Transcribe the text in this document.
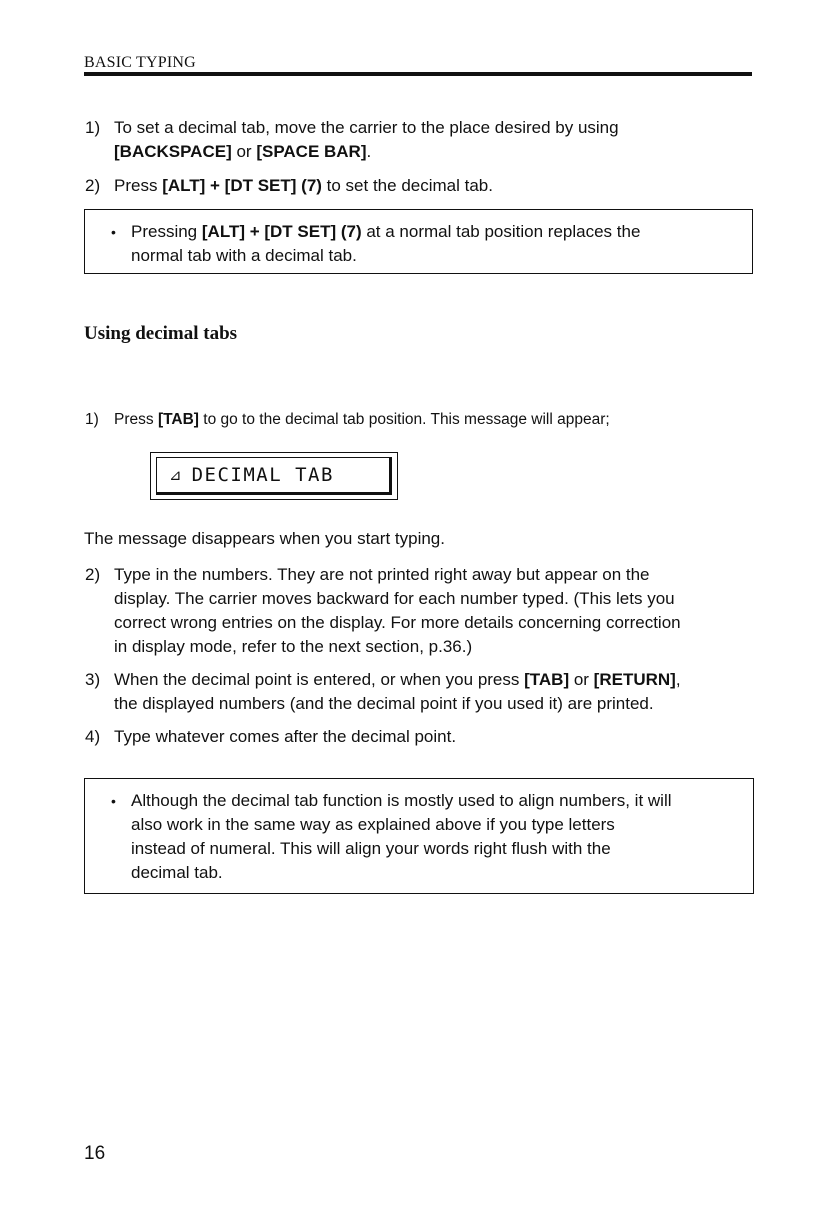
BASIC TYPING
1) To set a decimal tab, move the carrier to the place desired by using
[BACKSPACE] or [SPACE BAR].
2) Press [ALT] + [DT SET] (7) to set the decimal tab.
• Pressing [ALT] + [DT SET] (7) at a normal tab position replaces the
normal tab with a decimal tab.
Using decimal tabs
1) Press [TAB] to go to the decimal tab position. This message will appear;
⊿ DECIMAL TAB
The message disappears when you start typing.
2) Type in the numbers. They are not printed right away but appear on the
display. The carrier moves backward for each number typed. (This lets you
correct wrong entries on the display. For more details concerning correction
in display mode, refer to the next section, p.36.)
3) When the decimal point is entered, or when you press [TAB] or [RETURN],
the displayed numbers (and the decimal point if you used it) are printed.
4) Type whatever comes after the decimal point.
• Although the decimal tab function is mostly used to align numbers, it will
also work in the same way as explained above if you type letters
instead of numeral. This will align your words right flush with the
decimal tab.
16
